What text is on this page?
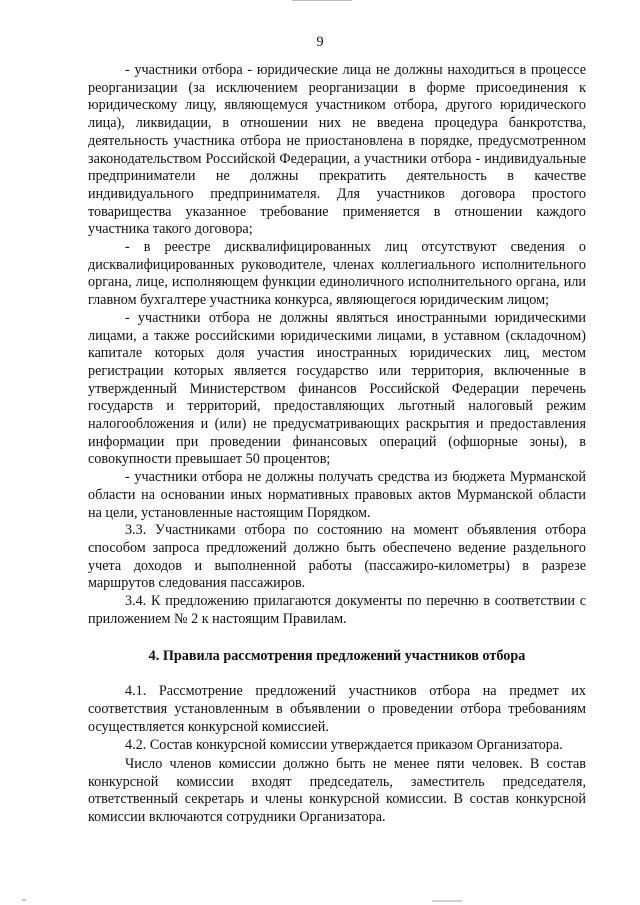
9

- участники отбора - юридические лица не должны находиться в процессе реорганизации (за исключением реорганизации в форме присоединения к юридическому лицу, являющемуся участником отбора, другого юридического лица), ликвидации, в отношении них не введена процедура банкротства, деятельность участника отбора не приостановлена в порядке, предусмотренном законодательством Российской Федерации, а участники отбора - индивидуальные предприниматели не должны прекратить деятельность в качестве индивидуального предпринимателя. Для участников договора простого товарищества указанное требование применяется в отношении каждого участника такого договора;

- в реестре дисквалифицированных лиц отсутствуют сведения о дисквалифицированных руководителе, членах коллегиального исполнительного органа, лице, исполняющем функции единоличного исполнительного органа, или главном бухгалтере участника конкурса, являющегося юридическим лицом;

- участники отбора не должны являться иностранными юридическими лицами, а также российскими юридическими лицами, в уставном (складочном) капитале которых доля участия иностранных юридических лиц, местом регистрации которых является государство или территория, включенные в утвержденный Министерством финансов Российской Федерации перечень государств и территорий, предоставляющих льготный налоговый режим налогообложения и (или) не предусматривающих раскрытия и предоставления информации при проведении финансовых операций (офшорные зоны), в совокупности превышает 50 процентов;

- участники отбора не должны получать средства из бюджета Мурманской области на основании иных нормативных правовых актов Мурманской области на цели, установленные настоящим Порядком.

3.3. Участниками отбора по состоянию на момент объявления отбора способом запроса предложений должно быть обеспечено ведение раздельного учета доходов и выполненной работы (пассажиро-километры) в разрезе маршрутов следования пассажиров.

3.4. К предложению прилагаются документы по перечню в соответствии с приложением № 2 к настоящим Правилам.

4. Правила рассмотрения предложений участников отбора

4.1. Рассмотрение предложений участников отбора на предмет их соответствия установленным в объявлении о проведении отбора требованиям осуществляется конкурсной комиссией.

4.2. Состав конкурсной комиссии утверждается приказом Организатора.

Число членов комиссии должно быть не менее пяти человек. В состав конкурсной комиссии входят председатель, заместитель председателя, ответственный секретарь и члены конкурсной комиссии. В состав конкурсной комиссии включаются сотрудники Организатора.
